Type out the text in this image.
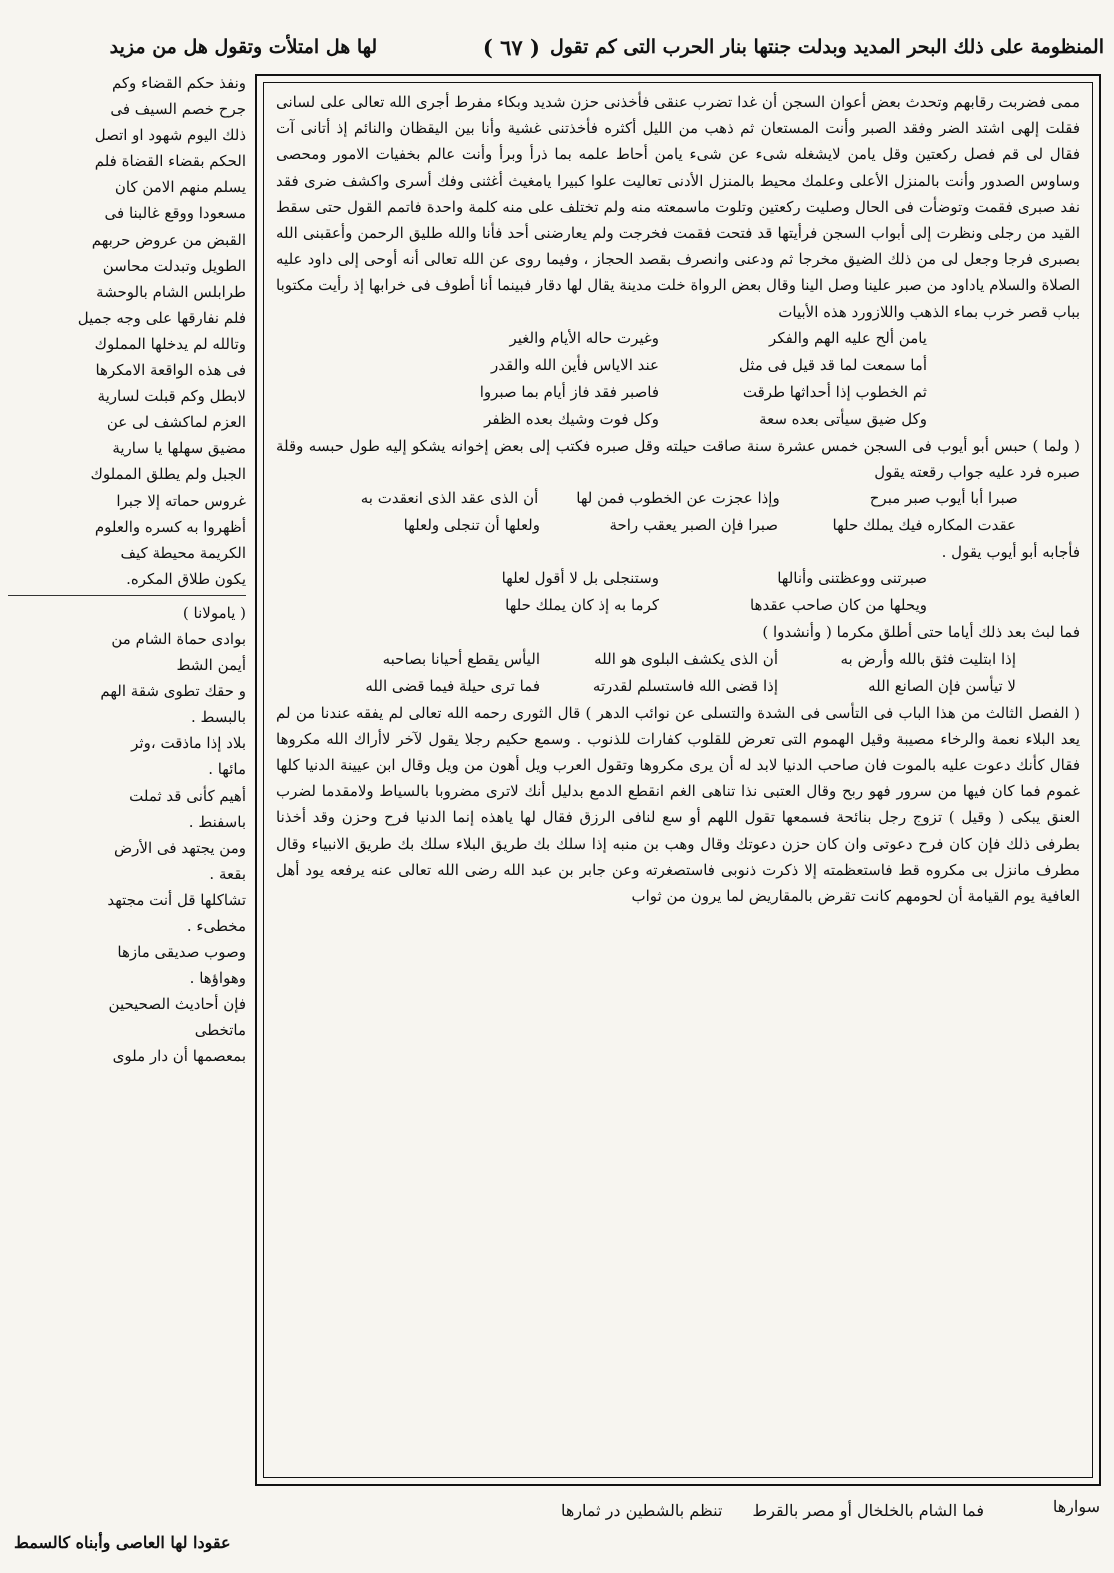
المنظومة على ذلك البحر المديد وبدلت جنتها بنار الحرب التى كم تقول
( ٦٧ )
لها هل امتلأت وتقول هل من مزيد

ممى فضربت رقابهم وتحدث بعض أعوان السجن أن غدا تضرب عنقى فأخذنى حزن شديد وبكاء مفرط أجرى الله تعالى على لسانى فقلت إلهى اشتد الضر وفقد الصبر وأنت المستعان ثم ذهب من الليل أكثره فأخذتنى غشية وأنا بين اليقظان والنائم إذ أتانى آت فقال لى قم فصل ركعتين وقل يامن لايشغله شىء عن شىء يامن أحاط علمه بما ذرأ وبرأ وأنت عالم بخفيات الامور ومحصى وساوس الصدور وأنت بالمنزل الأعلى وعلمك محيط بالمنزل الأدنى تعاليت علوا كبيرا يامغيث أغثنى وفك أسرى واكشف ضرى فقد نفد صبرى فقمت وتوضأت فى الحال وصليت ركعتين وتلوت ماسمعته منه ولم تختلف على منه كلمة واحدة فاتمم القول حتى سقط القيد من رجلى ونظرت إلى أبواب السجن فرأيتها قد فتحت فقمت فخرجت ولم يعارضنى أحد فأنا والله طليق الرحمن وأعقبنى الله بصبرى فرجا وجعل لى من ذلك الضيق مخرجا ثم ودعنى وانصرف بقصد الحجاز ، وفيما روى عن الله تعالى أنه أوحى إلى داود عليه الصلاة والسلام ياداود من صبر علينا وصل الينا وقال بعض الرواة خلت مدينة يقال لها دقار فبينما أنا أطوف فى خرابها إذ رأيت مكتوبا بباب قصر خرب بماء الذهب واللازورد هذه الأبيات

يامن ألح عليه الهم والفكر
وغيرت حاله الأيام والغير
أما سمعت لما قد قيل فى مثل
عند الاياس فأين الله والقدر
ثم الخطوب إذا أحداثها طرقت
فاصبر فقد فاز أيام بما صبروا
وكل ضيق سيأتى بعده سعة
وكل فوت وشيك بعده الظفر

( ولما ) حبس أبو أيوب فى السجن خمس عشرة سنة صاقت حيلته وقل صبره فكتب إلى بعض إخوانه يشكو إليه طول حبسه وقلة صبره فرد عليه جواب رقعته يقول

صبرا أبا أيوب صبر مبرح
وإذا عجزت عن الخطوب فمن لها
أن الذى عقد الذى انعقدت به
عقدت المكاره فيك يملك حلها
صبرا فإن الصبر يعقب راحة
ولعلها أن تنجلى ولعلها

فأجابه أبو أيوب يقول .

صبرتنى ووعظتنى وأنالها
وستنجلى بل لا أقول لعلها
ويحلها من كان صاحب عقدها
كرما به إذ كان يملك حلها

فما لبث بعد ذلك أياما حتى أطلق مكرما ( وأنشدوا )

إذا ابتليت فثق بالله وأرض به
أن الذى يكشف البلوى هو الله
اليأس يقطع أحيانا بصاحبه
لا تيأسن فإن الصانع الله
إذا قضى الله فاستسلم لقدرته
فما ترى حيلة فيما قضى الله

( الفصل الثالث من هذا الباب فى التأسى فى الشدة والتسلى عن نوائب الدهر ) قال الثورى رحمه الله تعالى لم يفقه عندنا من لم يعد البلاء نعمة والرخاء مصيبة وقيل الهموم التى تعرض للقلوب كفارات للذنوب . وسمع حكيم رجلا يقول لآخر لاأراك الله مكروها فقال كأنك دعوت عليه بالموت فان صاحب الدنيا لابد له أن يرى مكروها وتقول العرب ويل أهون من ويل وقال ابن عيينة الدنيا كلها غموم فما كان فيها من سرور فهو ربح وقال العتبى نذا تناهى الغم انقطع الدمع بدليل أنك لاترى مضروبا بالسياط ولامقدما لضرب العنق يبكى ( وقيل ) تزوج رجل بنائحة فسمعها تقول اللهم أو سع لنافى الرزق فقال لها ياهذه إنما الدنيا فرح وحزن وقد أخذنا بطرفى ذلك فإن كان فرح دعوتى وان كان حزن دعوتك وقال وهب بن منبه إذا سلك بك طريق البلاء سلك بك طريق الانبياء وقال مطرف مانزل بى مكروه قط فاستعظمته إلا ذكرت ذنوبى فاستصغرته وعن جابر بن عبد الله رضى الله تعالى عنه يرفعه يود أهل العافية يوم القيامة أن لحومهم كانت تقرض بالمقاريض لما يرون من ثواب

ونفذ حكم القضاء وكم
جرح خصم السيف فى
ذلك اليوم شهود او اتصل
الحكم بقضاء القضاة فلم
يسلم منهم الامن كان
مسعودا ووقع غالبنا فى
القبض من عروض حربهم
الطويل وتبدلت محاسن
طرابلس الشام بالوحشة
فلم نفارقها على وجه جميل
وتالله لم يدخلها المملوك
فى هذه الواقعة الامكرها
لابطل وكم قبلت لسارية
العزم لماكشف لى عن
مضيق سهلها يا سارية
الجبل ولم يطلق المملوك
غروس حماته إلا جبرا
أظهروا به كسره والعلوم
الكريمة محيطة كيف
يكون طلاق المكره.
( يامولانا )
بوادى حماة الشام من
أيمن الشط
و حقك تطوى شقة الهم
بالبسط .
بلاد إذا ماذقت ،وثر
مائها .
أهيم كأنى قد ثملت
باسفنط .
ومن يجتهد فى الأرض
بقعة .
تشاكلها قل أنت مجتهد
مخطىء .
وصوب صديقى مازها
وهواؤها .
فإن أحاديث الصحيحين
ماتخطى
بمعصمها أن دار ملوى
سوارها
فما الشام بالخلخال أو مصر بالقرط
تنظم بالشطين در ثمارها
عقودا لها العاصى وأبناه كالسمط
